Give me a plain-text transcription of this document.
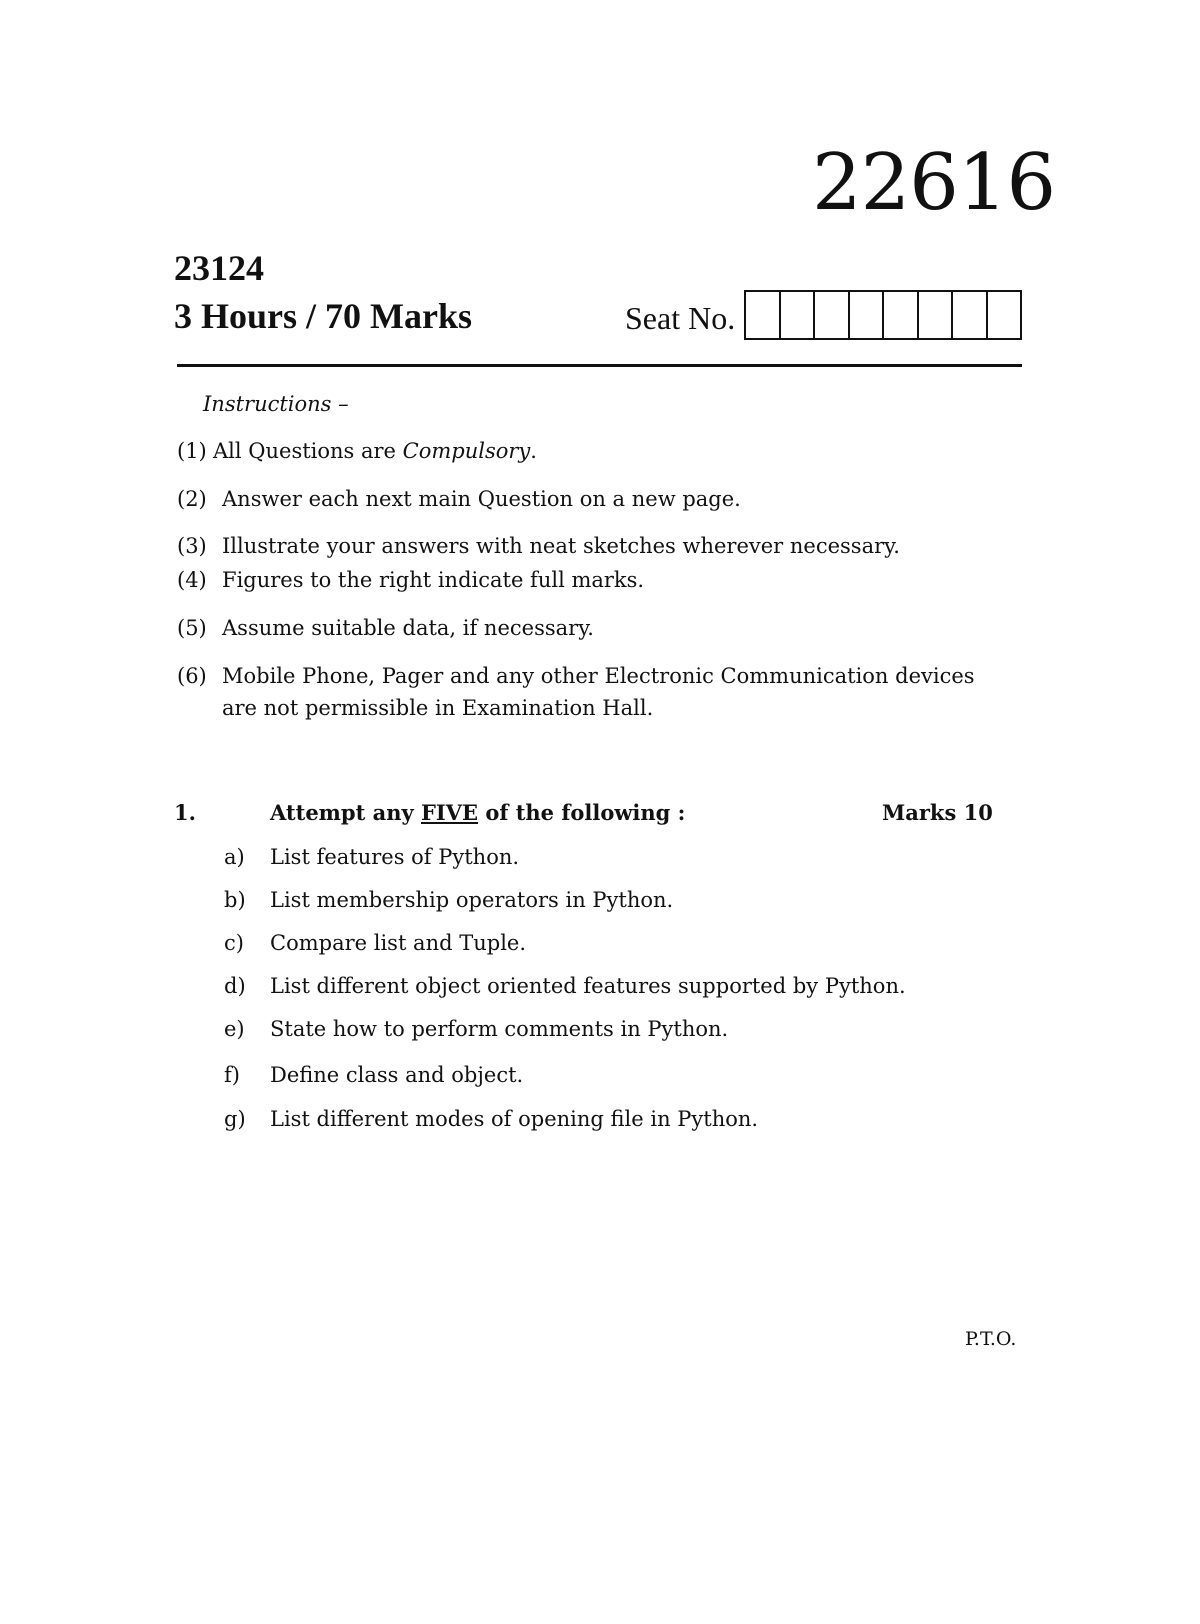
22616
23124
3 Hours / 70 Marks	Seat No.
Instructions –
(1) All Questions are Compulsory.
(2) Answer each next main Question on a new page.
(3) Illustrate your answers with neat sketches wherever necessary.
(4) Figures to the right indicate full marks.
(5) Assume suitable data, if necessary.
(6) Mobile Phone, Pager and any other Electronic Communication devices are not permissible in Examination Hall.
1.	Attempt any FIVE of the following :	Marks 10
a) List features of Python.
b) List membership operators in Python.
c) Compare list and Tuple.
d) List different object oriented features supported by Python.
e) State how to perform comments in Python.
f) Define class and object.
g) List different modes of opening file in Python.
P.T.O.
